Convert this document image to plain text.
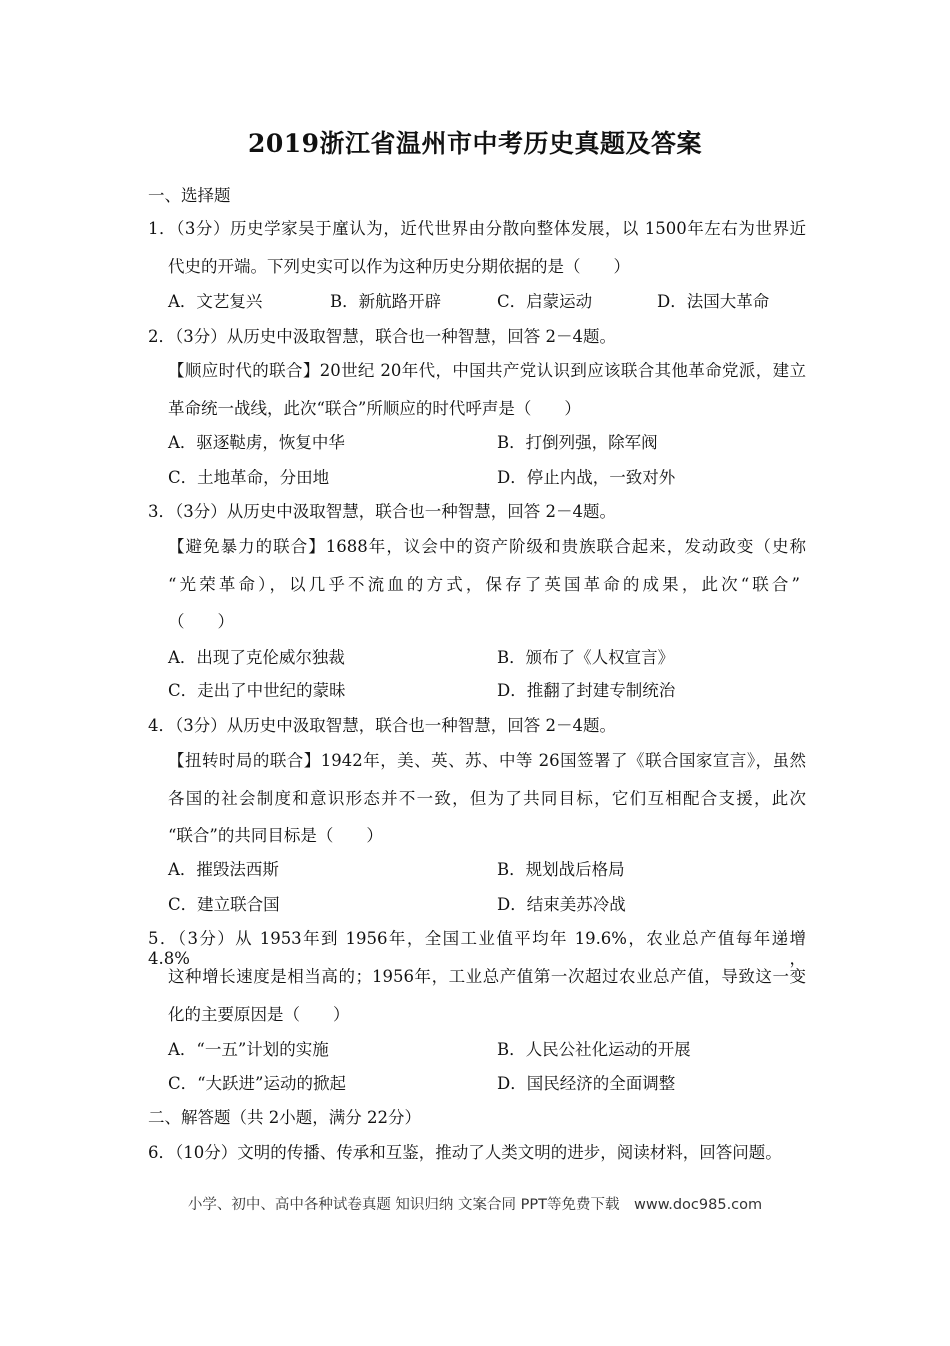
2019浙江省温州市中考历史真题及答案
一、选择题
1．（3分）历史学家吴于廑认为，近代世界由分散向整体发展，以 1500年左右为世界近
代史的开端。下列史实可以作为这种历史分期依据的是（　　）
A．文艺复兴	B．新航路开辟	C．启蒙运动	D．法国大革命
2．（3分）从历史中汲取智慧，联合也一种智慧，回答 2－4题。
【顺应时代的联合】20世纪 20年代，中国共产党认识到应该联合其他革命党派，建立
革命统一战线，此次“联合”所顺应的时代呼声是（　　）
A．驱逐鞑虏，恢复中华	B．打倒列强，除军阀
C．土地革命，分田地	D．停止内战，一致对外
3．（3分）从历史中汲取智慧，联合也一种智慧，回答 2－4题。
【避免暴力的联合】1688年，议会中的资产阶级和贵族联合起来，发动政变（史称
“光荣革命），以几乎不流血的方式，保存了英国革命的成果，此次“联合”
（　　）
A．出现了克伦威尔独裁	B．颁布了《人权宣言》
C．走出了中世纪的蒙昧	D．推翻了封建专制统治
4．（3分）从历史中汲取智慧，联合也一种智慧，回答 2－4题。
【扭转时局的联合】1942年，美、英、苏、中等 26国签署了《联合国家宣言》，虽然
各国的社会制度和意识形态并不一致，但为了共同目标，它们互相配合支援，此次
“联合”的共同目标是（　　）
A．摧毁法西斯	B．规划战后格局
C．建立联合国	D．结束美苏冷战
5．（3分）从 1953年到 1956年，全国工业值平均年 19.6%，农业总产值每年递增 4.8%，
这种增长速度是相当高的；1956年，工业总产值第一次超过农业总产值，导致这一变
化的主要原因是（　　）
A．“一五”计划的实施	B．人民公社化运动的开展
C．“大跃进”运动的掀起	D．国民经济的全面调整
二、解答题（共 2小题，满分 22分）
6．（10分）文明的传播、传承和互鉴，推动了人类文明的进步，阅读材料，回答问题。
小学、初中、高中各种试卷真题 知识归纳 文案合同 PPT等免费下载　www.doc985.com
